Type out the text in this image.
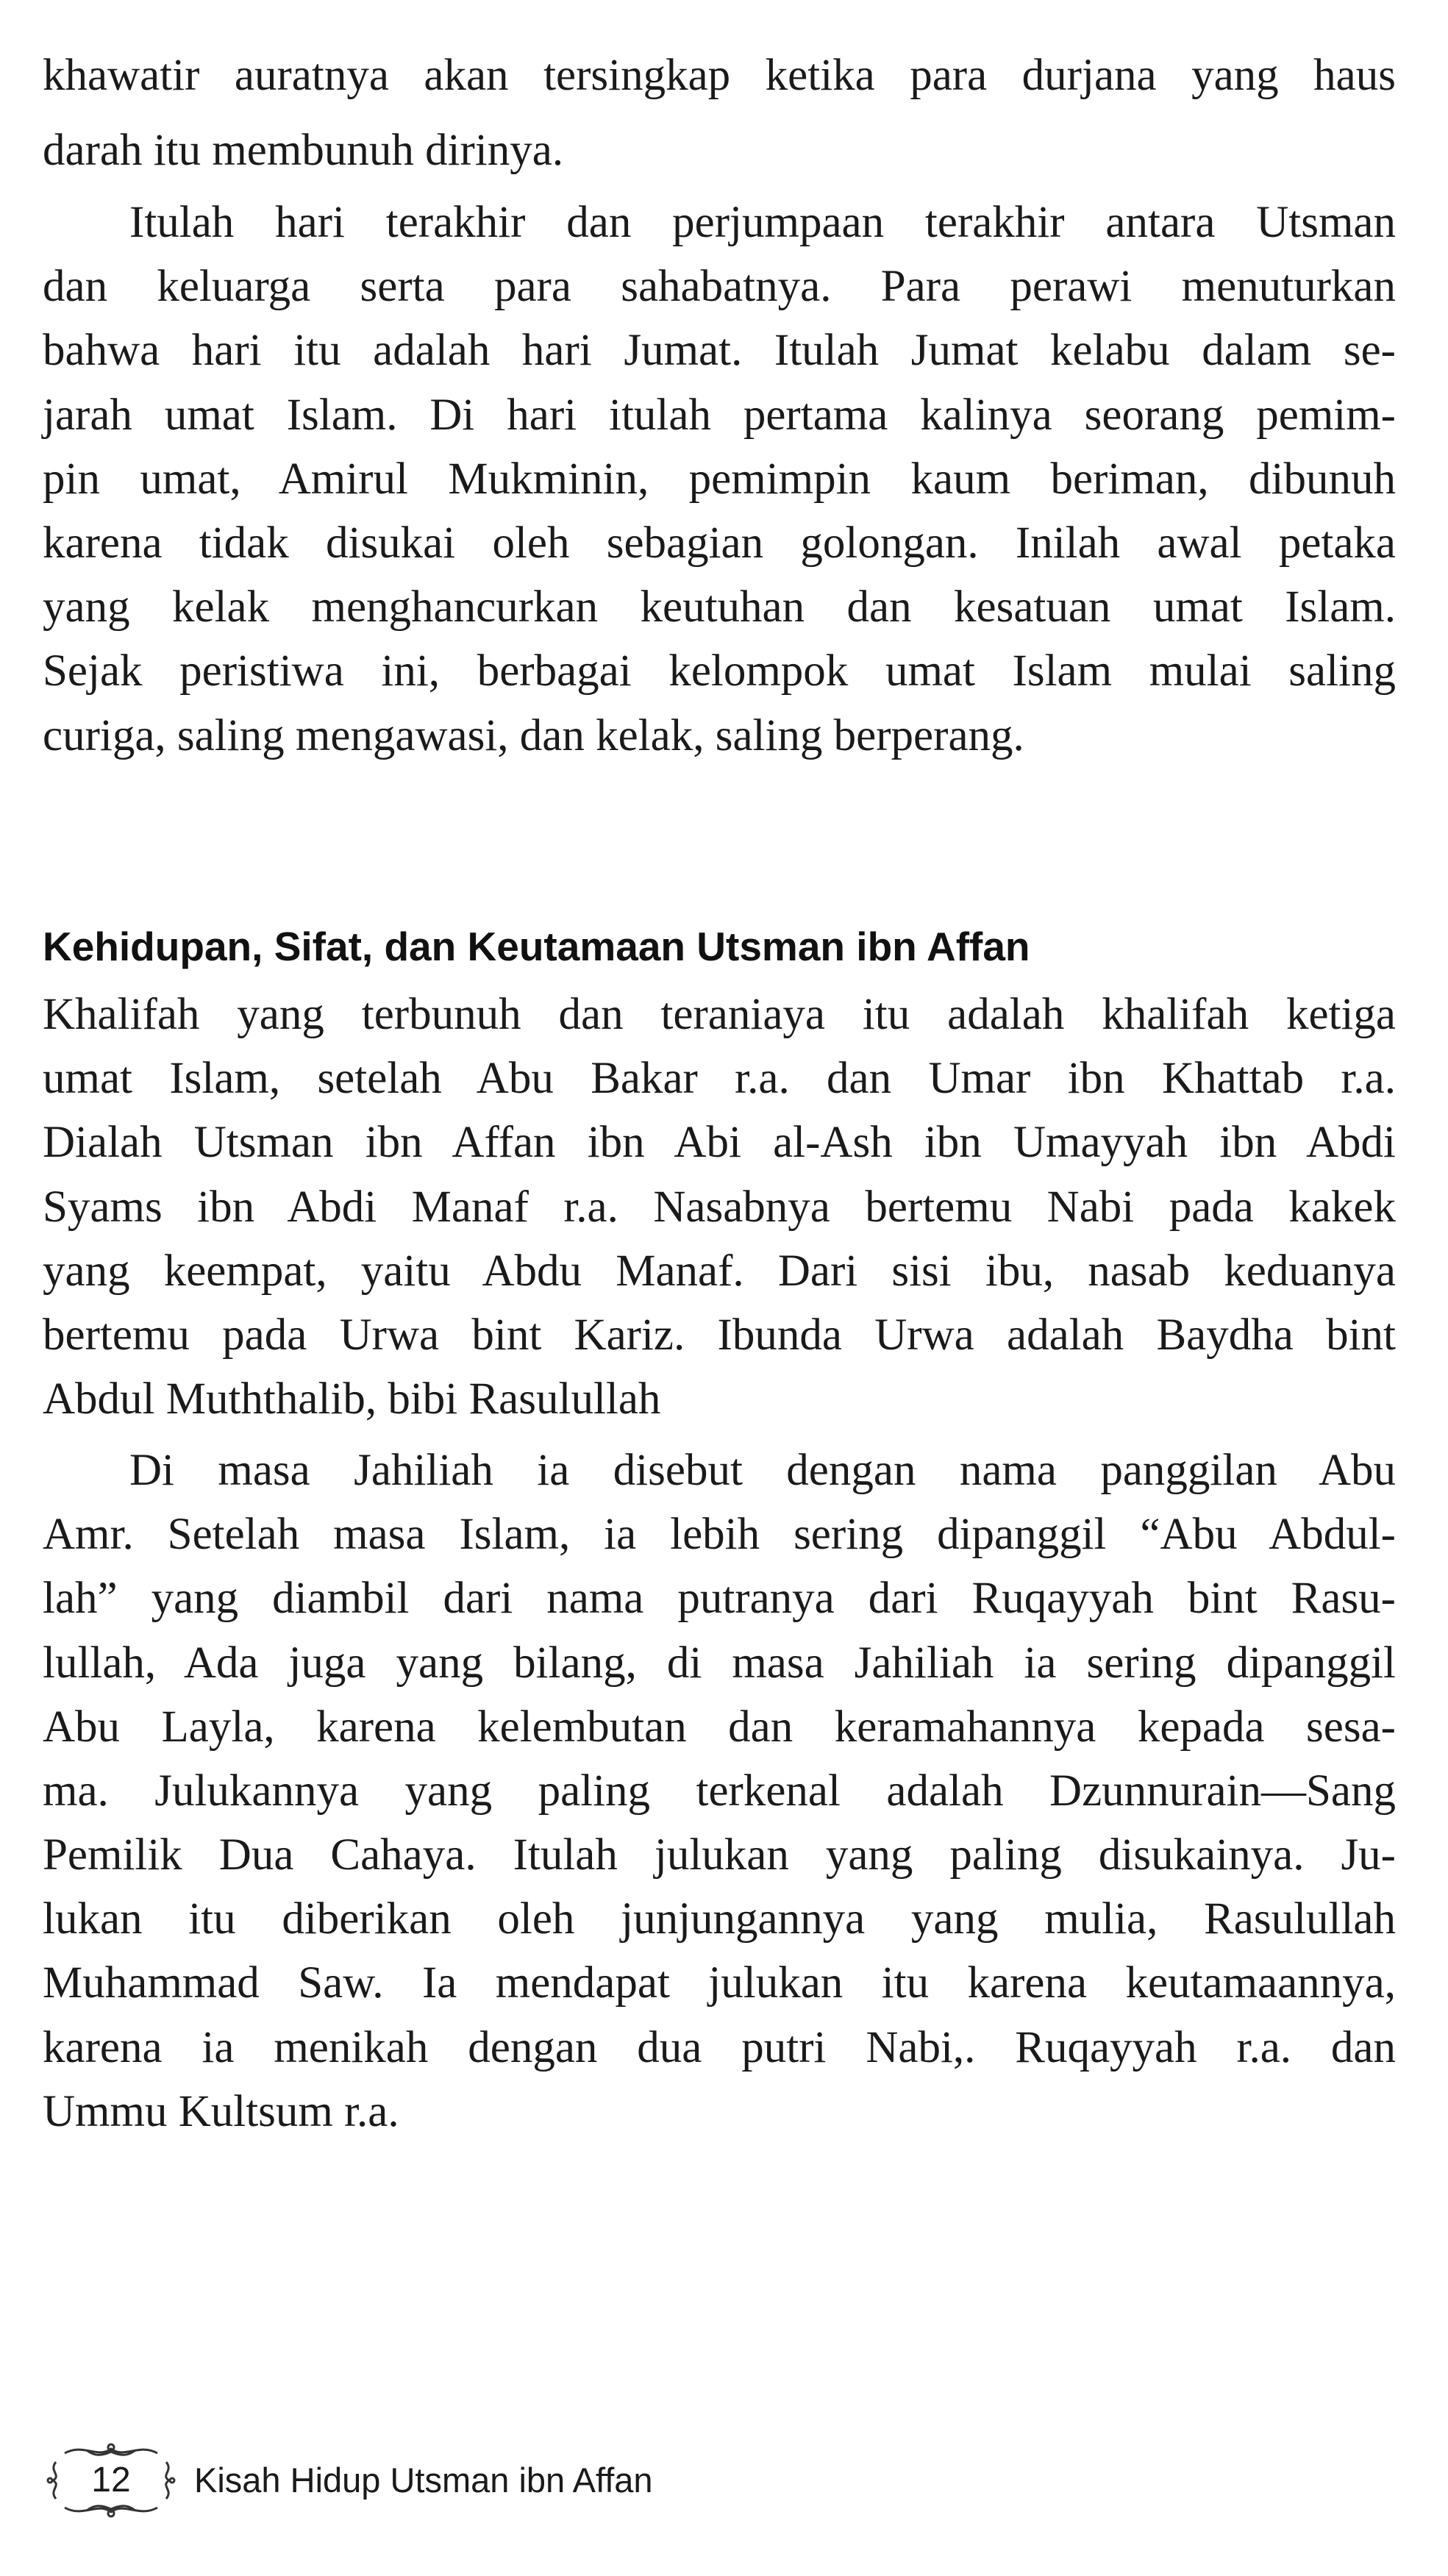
khawatir auratnya akan tersingkap ketika para durjana yang haus
darah itu membunuh dirinya.
Itulah hari terakhir dan perjumpaan terakhir antara Utsman
dan keluarga serta para sahabatnya. Para perawi menuturkan
bahwa hari itu adalah hari Jumat. Itulah Jumat kelabu dalam se-
jarah umat Islam. Di hari itulah pertama kalinya seorang pemim-
pin umat, Amirul Mukminin, pemimpin kaum beriman, dibunuh
karena tidak disukai oleh sebagian golongan. Inilah awal petaka
yang kelak menghancurkan keutuhan dan kesatuan umat Islam.
Sejak peristiwa ini, berbagai kelompok umat Islam mulai saling
curiga, saling mengawasi, dan kelak, saling berperang.
Kehidupan, Sifat, dan Keutamaan Utsman ibn Affan
Khalifah yang terbunuh dan teraniaya itu adalah khalifah ketiga
umat Islam, setelah Abu Bakar r.a. dan Umar ibn Khattab r.a.
Dialah Utsman ibn Affan ibn Abi al-Ash ibn Umayyah ibn Abdi
Syams ibn Abdi Manaf r.a. Nasabnya bertemu Nabi pada kakek
yang keempat, yaitu Abdu Manaf. Dari sisi ibu, nasab keduanya
bertemu pada Urwa bint Kariz. Ibunda Urwa adalah Baydha bint
Abdul Muththalib, bibi Rasulullah
Di masa Jahiliah ia disebut dengan nama panggilan Abu
Amr. Setelah masa Islam, ia lebih sering dipanggil “Abu Abdul-
lah” yang diambil dari nama putranya dari Ruqayyah bint Rasu-
lullah, Ada juga yang bilang, di masa Jahiliah ia sering dipanggil
Abu Layla, karena kelembutan dan keramahannya kepada sesa-
ma. Julukannya yang paling terkenal adalah Dzunnurain—Sang
Pemilik Dua Cahaya. Itulah julukan yang paling disukainya. Ju-
lukan itu diberikan oleh junjungannya yang mulia, Rasulullah
Muhammad Saw. Ia mendapat julukan itu karena keutamaannya,
karena ia menikah dengan dua putri Nabi,. Ruqayyah r.a. dan
Ummu Kultsum r.a.
12	Kisah Hidup Utsman ibn Affan
